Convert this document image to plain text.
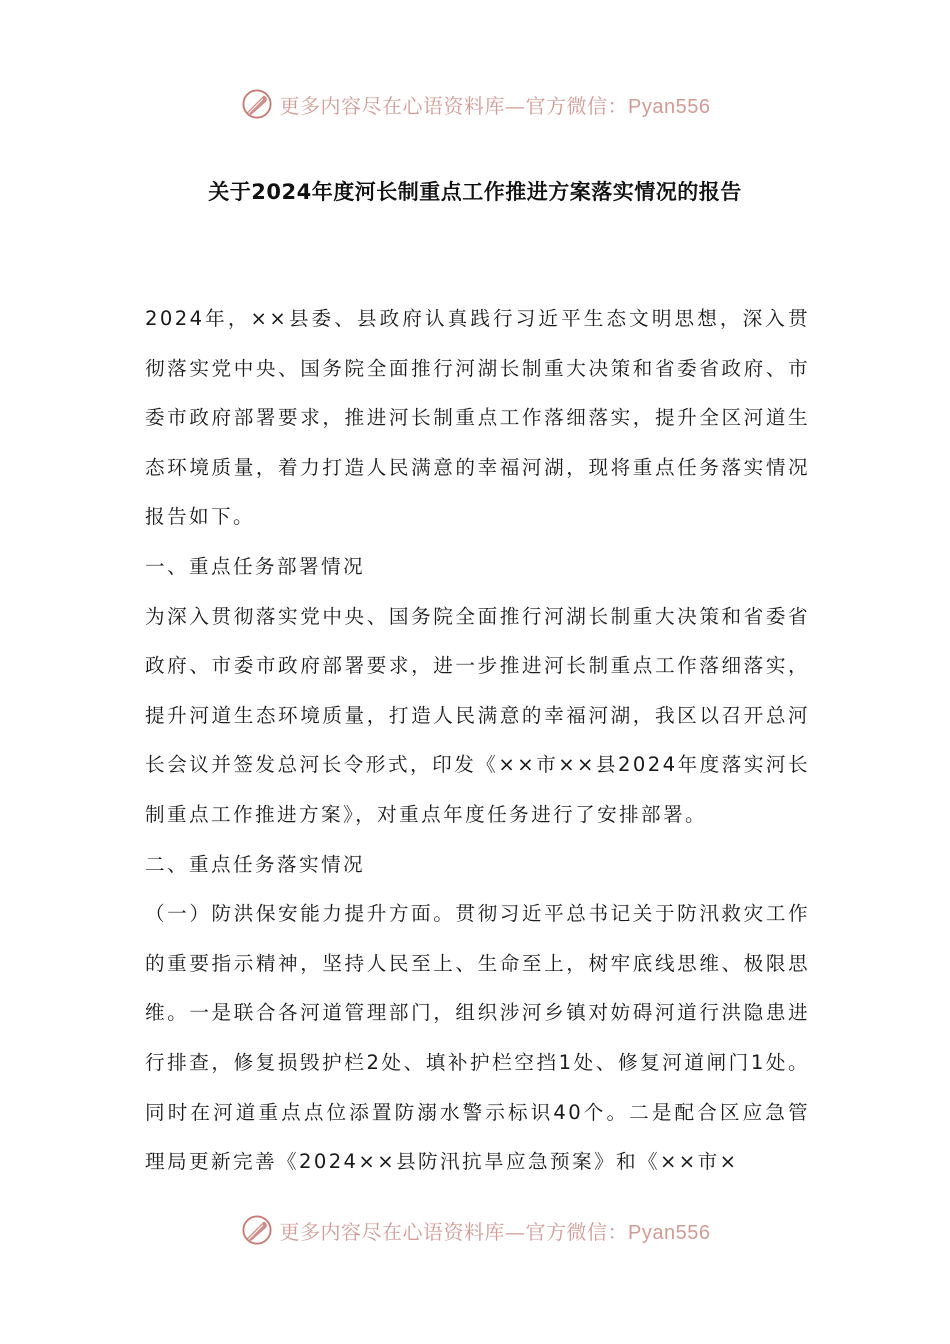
更多内容尽在心语资料库—官方微信：Pyan556
关于2024年度河长制重点工作推进方案落实情况的报告

2024年，××县委、县政府认真践行习近平生态文明思想，深入贯彻落实党中央、国务院全面推行河湖长制重大决策和省委省政府、市委市政府部署要求，推进河长制重点工作落细落实，提升全区河道生态环境质量，着力打造人民满意的幸福河湖，现将重点任务落实情况报告如下。

一、重点任务部署情况

为深入贯彻落实党中央、国务院全面推行河湖长制重大决策和省委省政府、市委市政府部署要求，进一步推进河长制重点工作落细落实，提升河道生态环境质量，打造人民满意的幸福河湖，我区以召开总河长会议并签发总河长令形式，印发《××市××县2024年度落实河长制重点工作推进方案》，对重点年度任务进行了安排部署。

二、重点任务落实情况

（一）防洪保安能力提升方面。贯彻习近平总书记关于防汛救灾工作的重要指示精神，坚持人民至上、生命至上，树牢底线思维、极限思维。一是联合各河道管理部门，组织涉河乡镇对妨碍河道行洪隐患进行排查，修复损毁护栏2处、填补护栏空挡1处、修复河道闸门1处。同时在河道重点点位添置防溺水警示标识40个。二是配合区应急管理局更新完善《2024××县防汛抗旱应急预案》和《××市×

更多内容尽在心语资料库—官方微信：Pyan556
